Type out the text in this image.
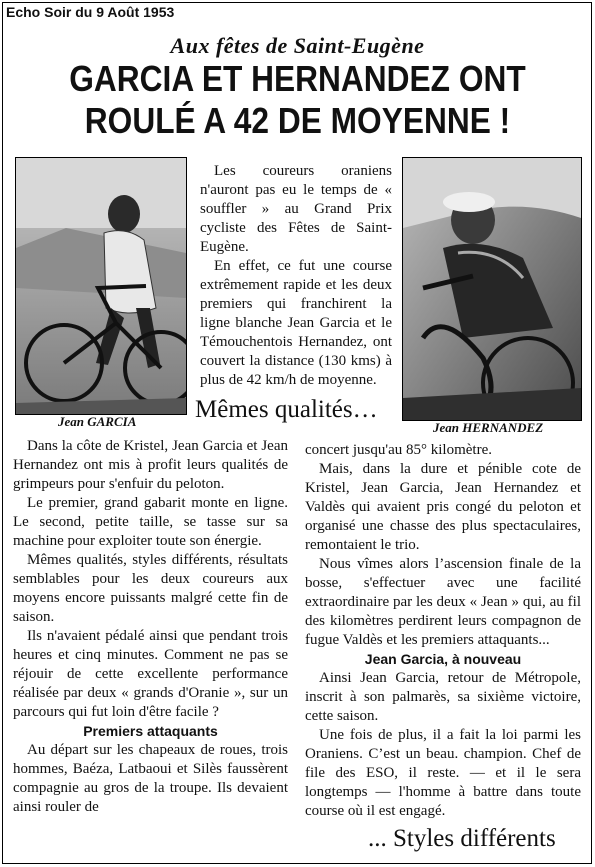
Echo Soir du 9 Août 1953
Aux fêtes de Saint-Eugène
GARCIA ET HERNANDEZ ONT
ROULÉ A 42 DE MOYENNE !
Jean GARCIA	Jean HERNANDEZ

Les coureurs oraniens n'auront pas eu le temps de « souffler » au Grand Prix cycliste des Fêtes de Saint-Eugène.

En effet, ce fut une course extrêmement rapide et les deux premiers qui franchirent la ligne blanche Jean Garcia et le Témouchentois Hernandez, ont couvert la distance (130 kms) à plus de 42 km/h de moyenne.

Mêmes qualités…

Dans la côte de Kristel, Jean Garcia et Jean Hernandez ont mis à profit leurs qualités de grimpeurs pour s'enfuir du peloton.

Le premier, grand gabarit monte en ligne. Le second, petite taille, se tasse sur sa machine pour exploiter toute son énergie.

Mêmes qualités, styles différents, résultats semblables pour les deux coureurs aux moyens encore puissants malgré cette fin de saison.

Ils n'avaient pédalé ainsi que pendant trois heures et cinq minutes. Comment ne pas se réjouir de cette excellente performance réalisée par deux « grands d'Oranie », sur un parcours qui fut loin d'être facile ?

Premiers attaquants

Au départ sur les chapeaux de roues, trois hommes, Baéza, Latbaoui et Silès faussèrent compagnie au gros de la troupe. Ils devaient ainsi rouler de

concert jusqu'au 85° kilomètre.

Mais, dans la dure et pénible cote de Kristel, Jean Garcia, Jean Hernandez et Valdès qui avaient pris congé du peloton et organisé une chasse des plus spectaculaires, remontaient le trio.

Nous vîmes alors l’ascension finale de la bosse, s'effectuer avec une facilité extraordinaire par les deux « Jean » qui, au fil des kilomètres perdirent leurs compagnon de fugue Valdès et les premiers attaquants...

Jean Garcia, à nouveau

Ainsi Jean Garcia, retour de Métropole, inscrit à son palmarès, sa sixième victoire, cette saison.

Une fois de plus, il a fait la loi parmi les Oraniens. C’est un beau. champion. Chef de file des ESO, il reste. — et il le sera longtemps — l'homme à battre dans toute course où il est engagé.

... Styles différents
